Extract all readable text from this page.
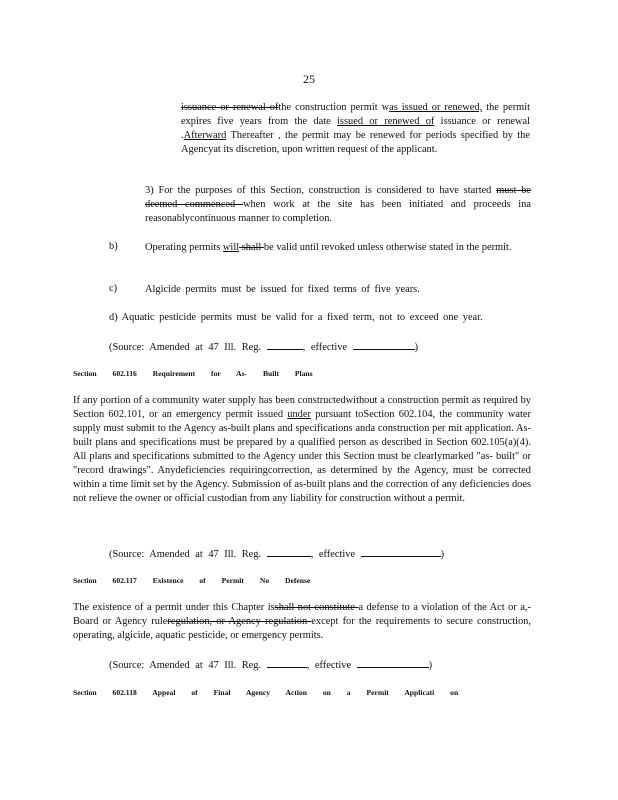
25

issuance or renewal ofthe construction permit was issued or renewed, the permit expires five years from the date issued or renewed of issuance or renewal .Afterward Thereafter , the permit may be renewed for periods specified by the Agencyat its discretion, upon written request of the applicant.

3) For the purposes of this Section, construction is considered to have started must be deemed commenced when work at the site has been initiated and proceeds ina reasonablycontinuous manner to completion.

b)	Operating permits will shall be valid until revoked unless otherwise stated in the permit.

c)	Algicide permits must be issued for fixed terms of five years.
d) Aquatic pesticide permits must be valid for a fixed term, not to exceed one year.
(Source: Amended at 47 Ill. Reg.	, effective	)
Section 602.116 Requirement for As- Built Plans

If any portion of a community water supply has been constructedwithout a construction permit as required by Section 602.101, or an emergency permit issued under pursuant toSection 602.104, the community water supply must submit to the Agency as-built plans and specifications anda construction per mit application. As-built plans and specifications must be prepared by a qualified person as described in Section 602.105(a)(4). All plans and specifications submitted to the Agency under this Section must be clearlymarked "as- built" or "record drawings". Anydeficiencies requiringcorrection, as determined by the Agency, must be corrected within a time limit set by the Agency. Submission of as-built plans and the correction of any deficiencies does not relieve the owner or official custodian from any liability for construction without a permit.

(Source: Amended at 47 Ill. Reg.	, effective	)
Section 602.117 Existence of Permit No Defense

The existence of a permit under this Chapter isshall not constitute a defense to a violation of the Act or a,-Board or Agency ruleregulation, or Agency regulation except for the requirements to secure construction, operating, algicide, aquatic pesticide, or emergency permits.

(Source: Amended at 47 Ill. Reg.	, effective	)
Section 602.118 Appeal of Final Agency Action on a Permit Applicati on
